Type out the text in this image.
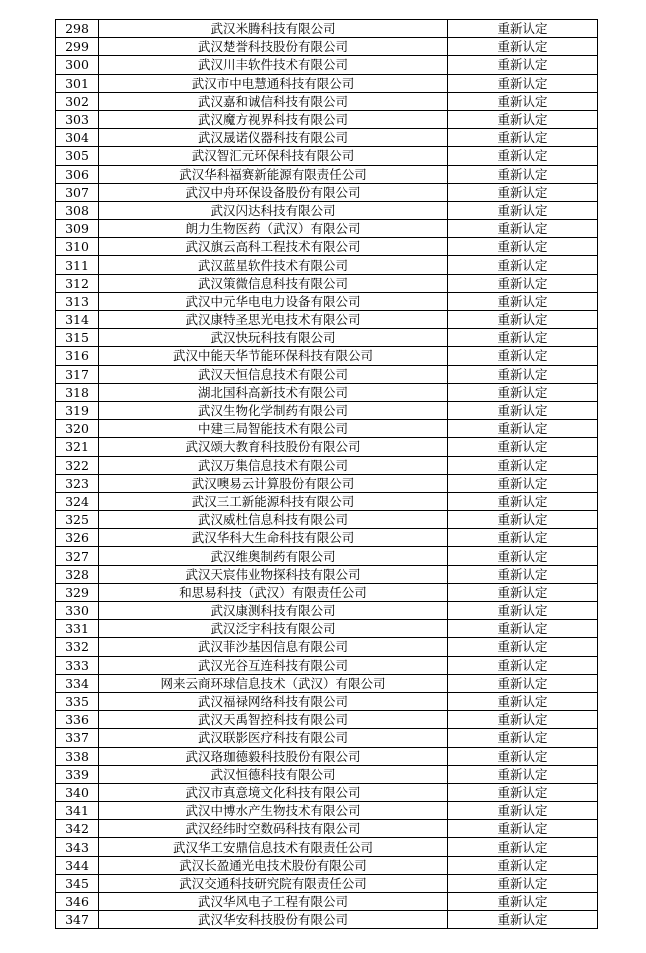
298	武汉米腾科技有限公司	重新认定
299	武汉楚誉科技股份有限公司	重新认定
300	武汉川丰软件技术有限公司	重新认定
301	武汉市中电慧通科技有限公司	重新认定
302	武汉嘉和诚信科技有限公司	重新认定
303	武汉魔方视界科技有限公司	重新认定
304	武汉晟诺仪器科技有限公司	重新认定
305	武汉智汇元环保科技有限公司	重新认定
306	武汉华科福赛新能源有限责任公司	重新认定
307	武汉中舟环保设备股份有限公司	重新认定
308	武汉闪达科技有限公司	重新认定
309	朗力生物医药（武汉）有限公司	重新认定
310	武汉旗云高科工程技术有限公司	重新认定
311	武汉蓝星软件技术有限公司	重新认定
312	武汉策微信息科技有限公司	重新认定
313	武汉中元华电电力设备有限公司	重新认定
314	武汉康特圣思光电技术有限公司	重新认定
315	武汉快玩科技有限公司	重新认定
316	武汉中能天华节能环保科技有限公司	重新认定
317	武汉天恒信息技术有限公司	重新认定
318	湖北国科高新技术有限公司	重新认定
319	武汉生物化学制药有限公司	重新认定
320	中建三局智能技术有限公司	重新认定
321	武汉颂大教育科技股份有限公司	重新认定
322	武汉万集信息技术有限公司	重新认定
323	武汉噢易云计算股份有限公司	重新认定
324	武汉三工新能源科技有限公司	重新认定
325	武汉威杜信息科技有限公司	重新认定
326	武汉华科大生命科技有限公司	重新认定
327	武汉维奥制药有限公司	重新认定
328	武汉天宸伟业物探科技有限公司	重新认定
329	和思易科技（武汉）有限责任公司	重新认定
330	武汉康测科技有限公司	重新认定
331	武汉泛宇科技有限公司	重新认定
332	武汉菲沙基因信息有限公司	重新认定
333	武汉光谷互连科技有限公司	重新认定
334	网来云商环球信息技术（武汉）有限公司	重新认定
335	武汉福禄网络科技有限公司	重新认定
336	武汉天禹智控科技有限公司	重新认定
337	武汉联影医疗科技有限公司	重新认定
338	武汉珞珈德毅科技股份有限公司	重新认定
339	武汉恒德科技有限公司	重新认定
340	武汉市真意境文化科技有限公司	重新认定
341	武汉中博水产生物技术有限公司	重新认定
342	武汉经纬时空数码科技有限公司	重新认定
343	武汉华工安鼎信息技术有限责任公司	重新认定
344	武汉长盈通光电技术股份有限公司	重新认定
345	武汉交通科技研究院有限责任公司	重新认定
346	武汉华风电子工程有限公司	重新认定
347	武汉华安科技股份有限公司	重新认定
